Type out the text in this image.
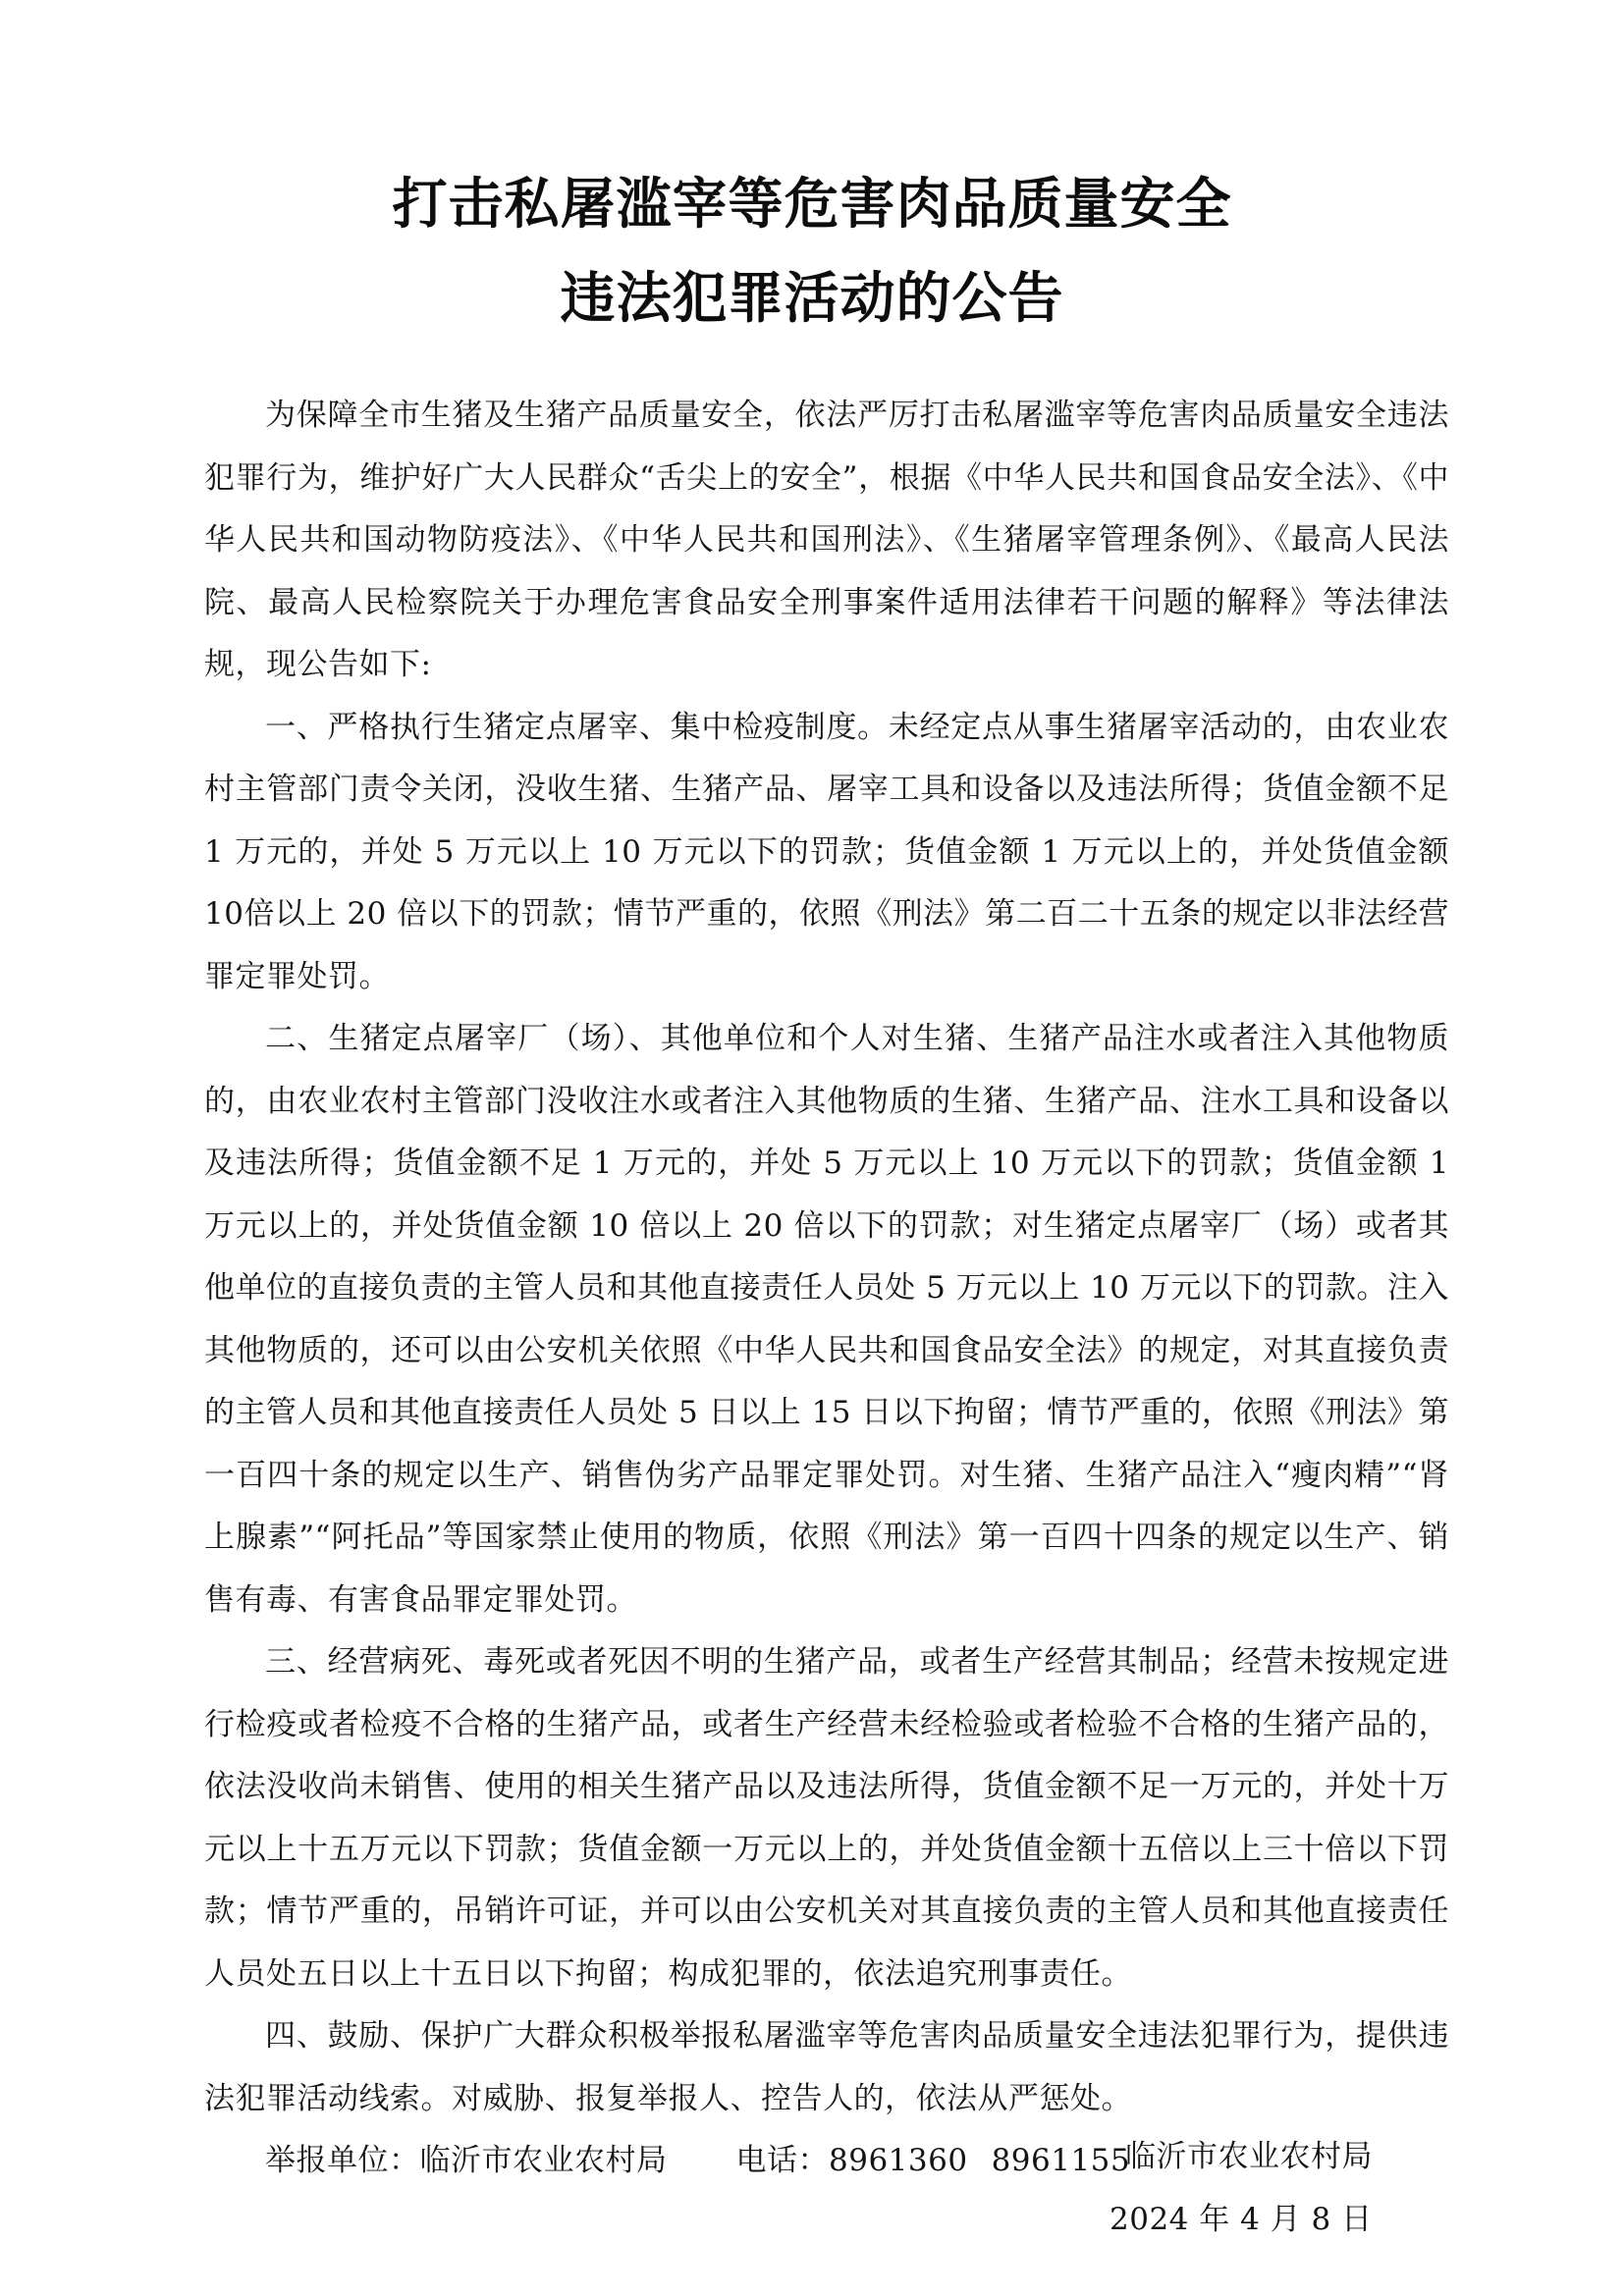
打击私屠滥宰等危害肉品质量安全
违法犯罪活动的公告

为保障全市生猪及生猪产品质量安全，依法严厉打击私屠滥宰等危害肉品质量安全违法犯罪行为，维护好广大人民群众“舌尖上的安全”，根据《中华人民共和国食品安全法》、《中华人民共和国动物防疫法》、《中华人民共和国刑法》、《生猪屠宰管理条例》、《最高人民法院、最高人民检察院关于办理危害食品安全刑事案件适用法律若干问题的解释》等法律法规，现公告如下:

一、严格执行生猪定点屠宰、集中检疫制度。未经定点从事生猪屠宰活动的，由农业农村主管部门责令关闭，没收生猪、生猪产品、屠宰工具和设备以及违法所得；货值金额不足 1 万元的，并处 5 万元以上 10 万元以下的罚款；货值金额 1 万元以上的，并处货值金额 10倍以上 20 倍以下的罚款；情节严重的，依照《刑法》第二百二十五条的规定以非法经营罪定罪处罚。

二、生猪定点屠宰厂（场）、其他单位和个人对生猪、生猪产品注水或者注入其他物质的，由农业农村主管部门没收注水或者注入其他物质的生猪、生猪产品、注水工具和设备以及违法所得；货值金额不足 1 万元的，并处 5 万元以上 10 万元以下的罚款；货值金额 1 万元以上的，并处货值金额 10 倍以上 20 倍以下的罚款；对生猪定点屠宰厂（场）或者其他单位的直接负责的主管人员和其他直接责任人员处 5 万元以上 10 万元以下的罚款。注入其他物质的，还可以由公安机关依照《中华人民共和国食品安全法》的规定，对其直接负责的主管人员和其他直接责任人员处 5 日以上 15 日以下拘留；情节严重的，依照《刑法》第一百四十条的规定以生产、销售伪劣产品罪定罪处罚。对生猪、生猪产品注入“瘦肉精”“肾上腺素”“阿托品”等国家禁止使用的物质，依照《刑法》第一百四十四条的规定以生产、销售有毒、有害食品罪定罪处罚。

三、经营病死、毒死或者死因不明的生猪产品，或者生产经营其制品；经营未按规定进行检疫或者检疫不合格的生猪产品，或者生产经营未经检验或者检验不合格的生猪产品的，依法没收尚未销售、使用的相关生猪产品以及违法所得，货值金额不足一万元的，并处十万元以上十五万元以下罚款；货值金额一万元以上的，并处货值金额十五倍以上三十倍以下罚款；情节严重的，吊销许可证，并可以由公安机关对其直接负责的主管人员和其他直接责任人员处五日以上十五日以下拘留；构成犯罪的，依法追究刑事责任。

四、鼓励、保护广大群众积极举报私屠滥宰等危害肉品质量安全违法犯罪行为，提供违法犯罪活动线索。对威胁、报复举报人、控告人的，依法从严惩处。

举报单位：临沂市农业农村局 电话：8961360 8961155

临沂市农业农村局
2024 年 4 月 8 日
